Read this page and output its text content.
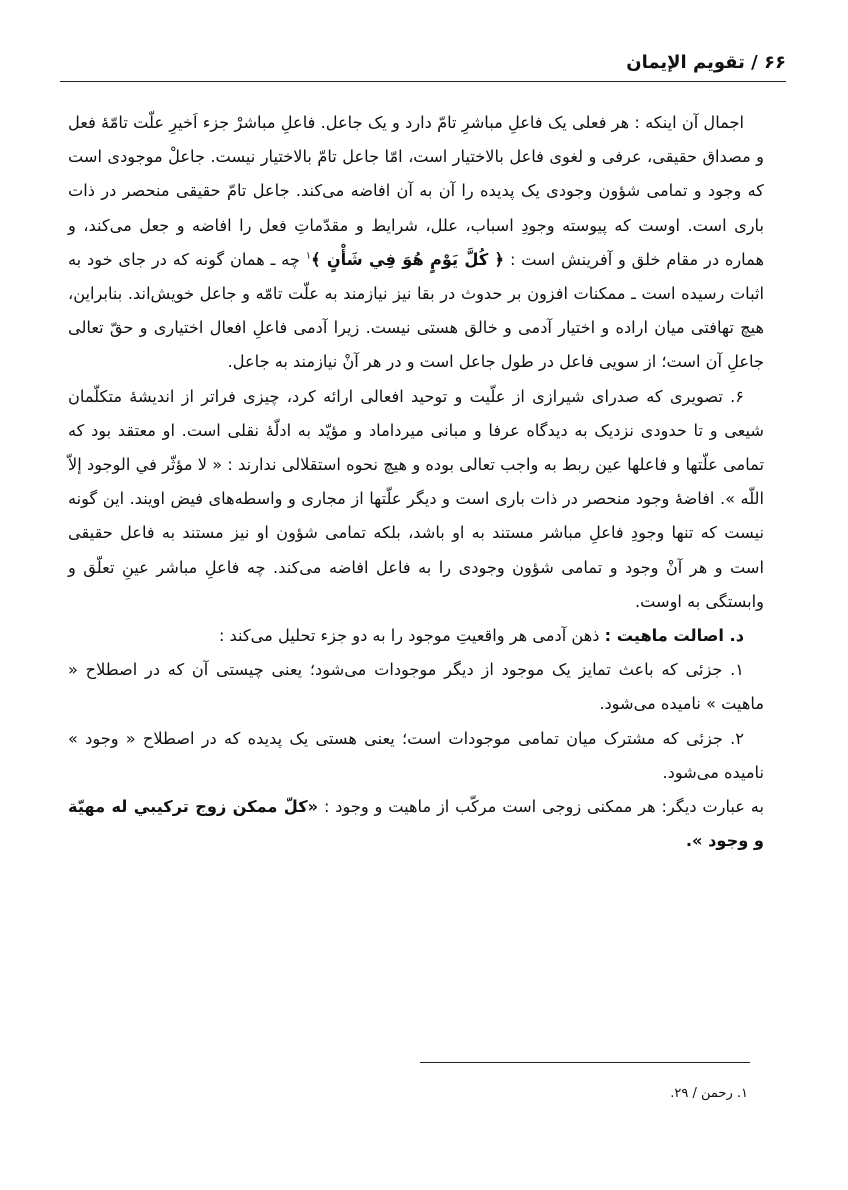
۶۶ / تقويم الإيمان

اجمال آن اینکه : هر فعلی یک فاعلِ مباشرِ تامّ دارد و یک جاعل. فاعلِ مباشرْ جزء اَخیرِ علّت تامّهٔ فعل و مصداق حقیقی، عرفی و لغوی فاعل بالاختیار است، امّا جاعل تامّ بالاختیار نیست. جاعلْ موجودی است که وجود و تمامی شؤون وجودی یک پدیده را آن به آن افاضه می‌کند. جاعل تامّ حقیقی منحصر در ذات باری است. اوست که پیوسته وجودِ اسباب، علل، شرایط و مقدّماتِ فعل را افاضه و جعل می‌کند، و هماره در مقام خلق و آفرینش است : ﴿ كُلَّ يَوْمٍ هُوَ فِي شَأْنٍ ﴾$^۱$ چه ـ همان گونه که در جای خود به اثبات رسیده است ـ ممکنات افزون بر حدوث در بقا نیز نیازمند به علّت تامّه و جاعل خویش‌اند. بنابراین، هیچ تهافتی میان اراده و اختیار آدمی و خالق هستی نیست. زیرا آدمی فاعلِ افعال اختیاری و حقّ تعالی جاعلِ آن است؛ از سویی فاعل در طول جاعل است و در هر آنْ نیازمند به جاعل.

۶. تصویری که صدرای شیرازی از علّیت و توحید افعالی ارائه کرد، چیزی فراتر از اندیشهٔ متکلّمان شیعی و تا حدودی نزدیک به دیدگاه عرفا و مبانی میرداماد و مؤیّد به ادلّهٔ نقلی است. او معتقد بود که تمامی علّتها و فاعلها عین ربط به واجب تعالی بوده و هیچ نحوه استقلالی ندارند : « لا مؤثّر في الوجود إلاّ اللّه ». افاضهٔ وجود منحصر در ذات باری است و دیگر علّتها از مجاری و واسطه‌های فیض اویند. این گونه نیست که تنها وجودِ فاعلِ مباشر مستند به او باشد، بلکه تمامی شؤون او نیز مستند به فاعل حقیقی است و هر آنْ وجود و تمامی شؤون وجودی را به فاعل افاضه می‌کند. چه فاعلِ مباشر عینِ تعلّق و وابستگی به اوست.

د. اصالت ماهیت : ذهن آدمی هر واقعیتِ موجود را به دو جزء تحلیل می‌کند :

۱. جزئی که باعث تمایز یک موجود از دیگر موجودات می‌شود؛ یعنی چیستی آن که در اصطلاح « ماهیت » نامیده می‌شود.

۲. جزئی که مشترک میان تمامی موجودات است؛ یعنی هستی یک پدیده که در اصطلاح « وجود » نامیده می‌شود.

به عبارت دیگر: هر ممکنی زوجی است مرکّب از ماهیت و وجود : «كلّ ممكن زوج تركيبي له مهيّة و وجود ».

۱. رحمن / ۲۹.
